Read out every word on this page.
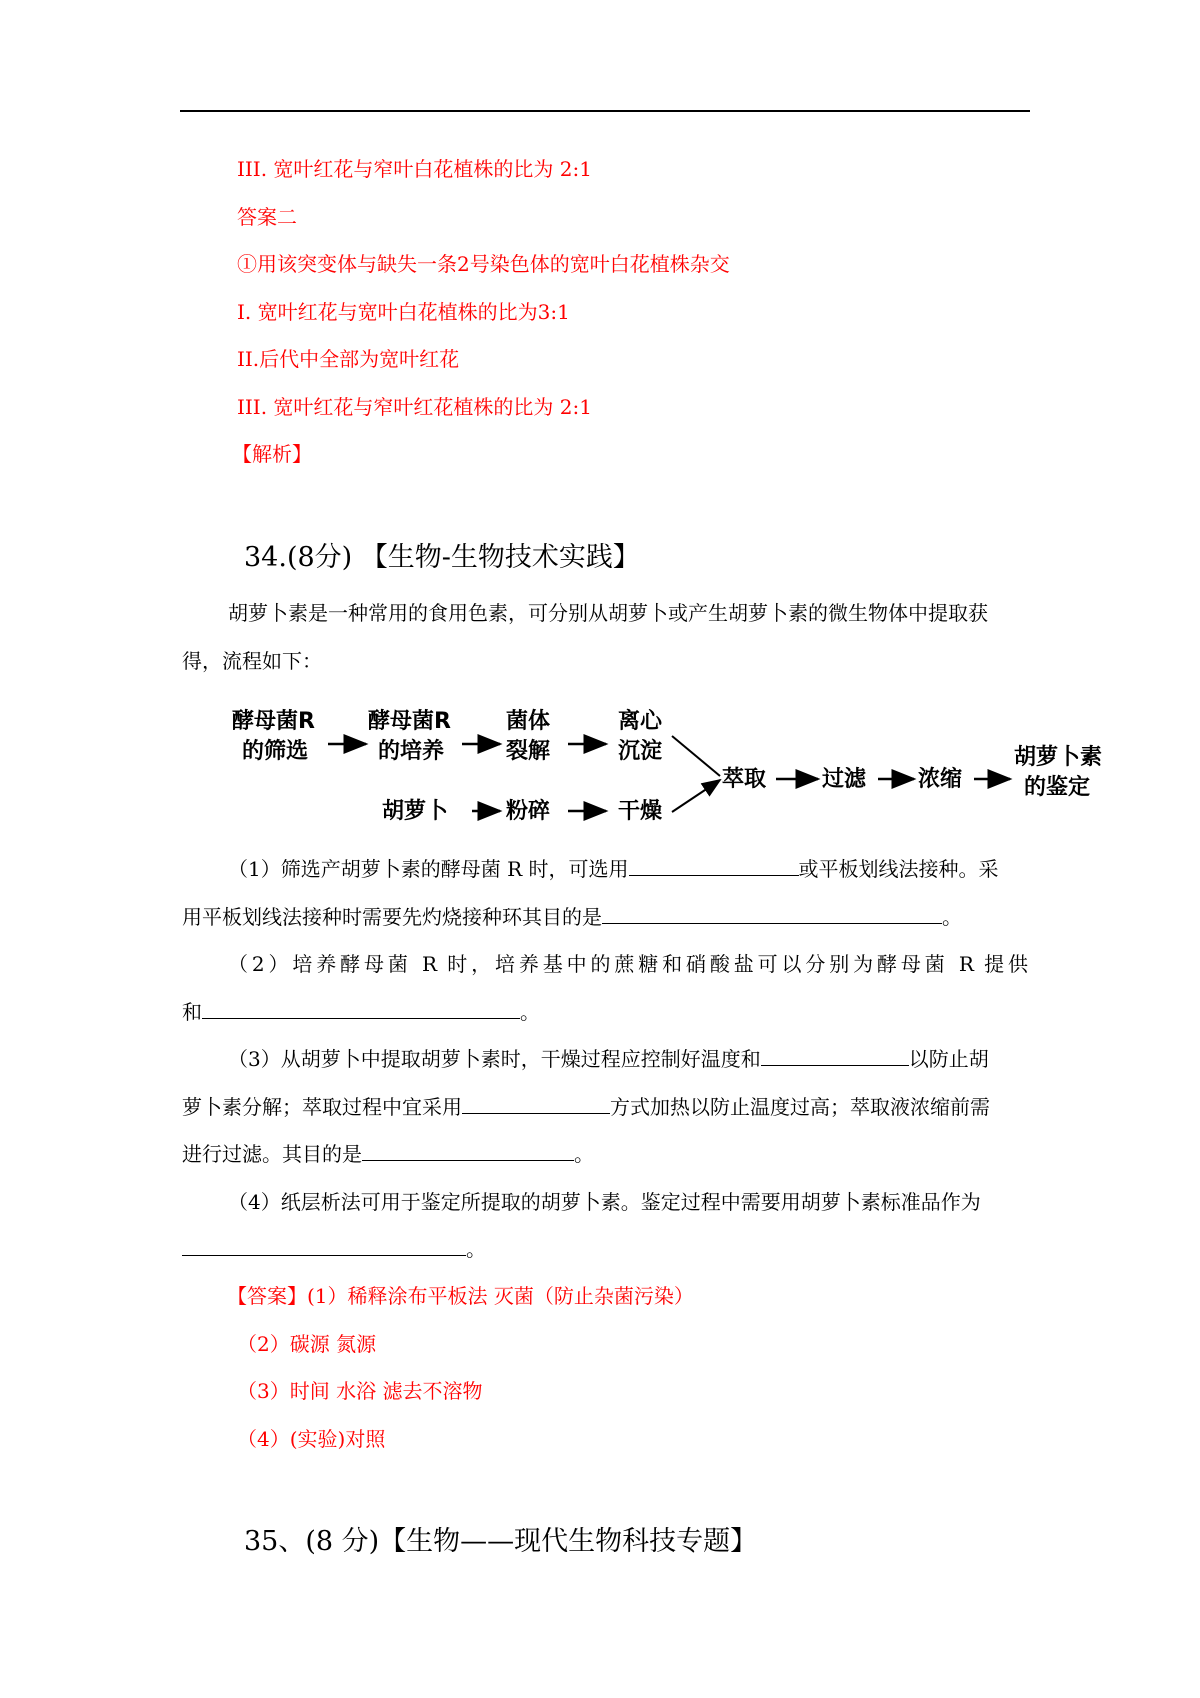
III. 宽叶红花与窄叶白花植株的比为 2:1
答案二
①用该突变体与缺失一条2号染色体的宽叶白花植株杂交
I. 宽叶红花与宽叶白花植株的比为3:1
II.后代中全部为宽叶红花
III. 宽叶红花与窄叶红花植株的比为 2:1
【解析】
34.(8分) 【生物-生物技术实践】

胡萝卜素是一种常用的食用色素，可分别从胡萝卜或产生胡萝卜素的微生物体中提取获

得，流程如下：

酵母菌R
的筛选
酵母菌R
的培养
菌体
裂解
离心
沉淀
胡萝卜	粉碎	干燥
萃取	过滤 浓缩
胡萝卜素
的鉴定

（1）筛选产胡萝卜素的酵母菌 R 时，可选用	或平板划线法接种。采

用平板划线法接种时需要先灼烧接种环其目的是	。

（2）培养酵母菌 R 时，培养基中的蔗糖和硝酸盐可以分别为酵母菌 R 提供

和	。

（3）从胡萝卜中提取胡萝卜素时，干燥过程应控制好温度和	以防止胡

萝卜素分解；萃取过程中宜采用	方式加热以防止温度过高；萃取液浓缩前需

进行过滤。其目的是	。

（4）纸层析法可用于鉴定所提取的胡萝卜素。鉴定过程中需要用胡萝卜素标准品作为

。

【答案】(1）稀释涂布平板法 灭菌（防止杂菌污染）
（2）碳源 氮源
（3）时间 水浴 滤去不溶物
（4）(实验)对照
35、(8 分)【生物——现代生物科技专题】
